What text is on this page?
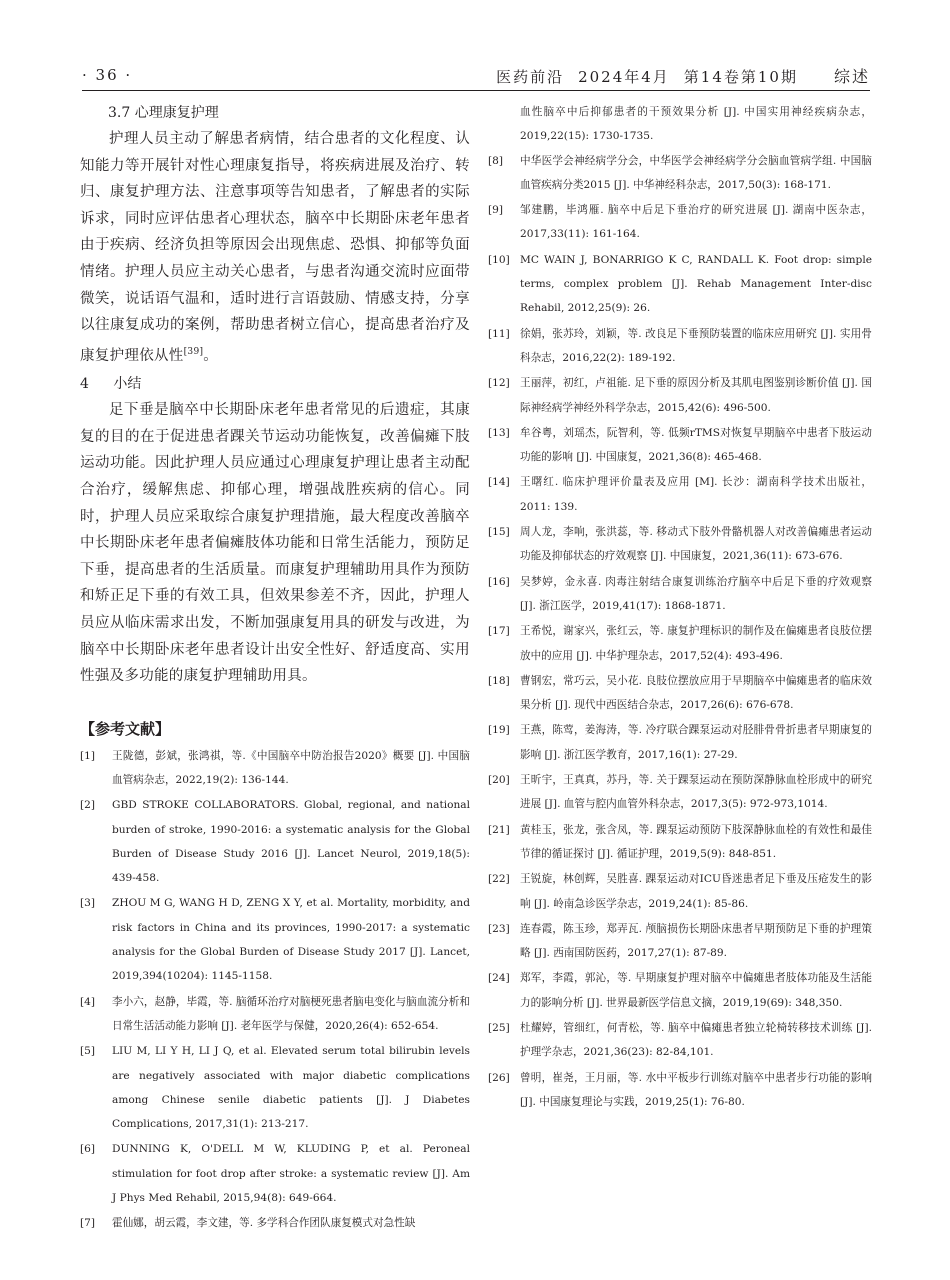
· 36 ·	医药前沿 2024年4月 第14卷第10期 综述
3.7 心理康复护理

护理人员主动了解患者病情，结合患者的文化程度、认知能力等开展针对性心理康复指导，将疾病进展及治疗、转归、康复护理方法、注意事项等告知患者，了解患者的实际诉求，同时应评估患者心理状态，脑卒中长期卧床老年患者由于疾病、经济负担等原因会出现焦虑、恐惧、抑郁等负面情绪。护理人员应主动关心患者，与患者沟通交流时应面带微笑，说话语气温和，适时进行言语鼓励、情感支持，分享以往康复成功的案例，帮助患者树立信心，提高患者治疗及康复护理依从性[39]。

4 小结

足下垂是脑卒中长期卧床老年患者常见的后遗症，其康复的目的在于促进患者踝关节运动功能恢复，改善偏瘫下肢运动功能。因此护理人员应通过心理康复护理让患者主动配合治疗，缓解焦虑、抑郁心理，增强战胜疾病的信心。同时，护理人员应采取综合康复护理措施，最大程度改善脑卒中长期卧床老年患者偏瘫肢体功能和日常生活能力，预防足下垂，提高患者的生活质量。而康复护理辅助用具作为预防和矫正足下垂的有效工具，但效果参差不齐，因此，护理人员应从临床需求出发，不断加强康复用具的研发与改进，为脑卒中长期卧床老年患者设计出安全性好、舒适度高、实用性强及多功能的康复护理辅助用具。

【参考文献】
[1]	王陇德，彭斌，张鸿祺，等.《中国脑卒中防治报告2020》概要 [J]. 中国脑血管病杂志，2022,19(2): 136-144.
[2]	GBD STROKE COLLABORATORS. Global, regional, and national burden of stroke, 1990-2016: a systematic analysis for the Global Burden of Disease Study 2016 [J]. Lancet Neurol, 2019,18(5): 439-458.
[3]	ZHOU M G, WANG H D, ZENG X Y, et al. Mortality, morbidity, and risk factors in China and its provinces, 1990-2017: a systematic analysis for the Global Burden of Disease Study 2017 [J]. Lancet, 2019,394(10204): 1145-1158.
[4]	李小六，赵静，毕霞，等. 脑循环治疗对脑梗死患者脑电变化与脑血流分析和日常生活活动能力影响 [J]. 老年医学与保健，2020,26(4): 652-654.
[5]	LIU M, LI Y H, LI J Q, et al. Elevated serum total bilirubin levels are negatively associated with major diabetic complications among Chinese senile diabetic patients [J]. J Diabetes Complications, 2017,31(1): 213-217.
[6]	DUNNING K, O'DELL M W, KLUDING P, et al. Peroneal stimulation for foot drop after stroke: a systematic review [J]. Am J Phys Med Rehabil, 2015,94(8): 649-664.
[7]	霍仙娜，胡云霞，李文建，等. 多学科合作团队康复模式对急性缺
血性脑卒中后抑郁患者的干预效果分析 [J]. 中国实用神经疾病杂志，2019,22(15): 1730-1735.
[8]	中华医学会神经病学分会，中华医学会神经病学分会脑血管病学组. 中国脑血管疾病分类2015 [J]. 中华神经科杂志，2017,50(3): 168-171.
[9]	邹建鹏，毕鸿雁. 脑卒中后足下垂治疗的研究进展 [J]. 湖南中医杂志，2017,33(11): 161-164.
[10] MC WAIN J, BONARRIGO K C, RANDALL K. Foot drop: simple terms, complex problem [J]. Rehab Management Inter-disc Rehabil, 2012,25(9): 26.
[11] 徐娟，张苏玲，刘颖，等. 改良足下垂预防装置的临床应用研究 [J]. 实用骨科杂志，2016,22(2): 189-192.
[12] 王丽萍，初红，卢祖能. 足下垂的原因分析及其肌电图鉴别诊断价值 [J]. 国际神经病学神经外科学杂志，2015,42(6): 496-500.
[13] 牟谷粤，刘瑶杰，阮智利，等. 低频rTMS对恢复早期脑卒中患者下肢运动功能的影响 [J]. 中国康复，2021,36(8): 465-468.
[14] 王曙红. 临床护理评价量表及应用 [M]. 长沙：湖南科学技术出版社，2011: 139.
[15] 周人龙，李响，张洪蕊，等. 移动式下肢外骨骼机器人对改善偏瘫患者运动功能及抑郁状态的疗效观察 [J]. 中国康复，2021,36(11): 673-676.
[16] 吴梦婷，金永喜. 肉毒注射结合康复训练治疗脑卒中后足下垂的疗效观察 [J]. 浙江医学，2019,41(17): 1868-1871.
[17] 王希悦，谢家兴，张红云，等. 康复护理标识的制作及在偏瘫患者良肢位摆放中的应用 [J]. 中华护理杂志，2017,52(4): 493-496.
[18] 曹钢宏，常巧云，吴小花. 良肢位摆放应用于早期脑卒中偏瘫患者的临床效果分析 [J]. 现代中西医结合杂志，2017,26(6): 676-678.
[19] 王燕，陈莺，姜海涛，等. 冷疗联合踝泵运动对胫腓骨骨折患者早期康复的影响 [J]. 浙江医学教育，2017,16(1): 27-29.
[20] 王昕宇，王真真，苏丹，等. 关于踝泵运动在预防深静脉血栓形成中的研究进展 [J]. 血管与腔内血管外科杂志，2017,3(5): 972-973,1014.
[21] 黄桂玉，张龙，张含凤，等. 踝泵运动预防下肢深静脉血栓的有效性和最佳节律的循证探讨 [J]. 循证护理，2019,5(9): 848-851.
[22] 王锐旋，林创辉，吴胜喜. 踝泵运动对ICU昏迷患者足下垂及压疮发生的影响 [J]. 岭南急诊医学杂志，2019,24(1): 85-86.
[23] 连春霞，陈玉珍，郑弄瓦. 颅脑损伤长期卧床患者早期预防足下垂的护理策略 [J]. 西南国防医药，2017,27(1): 87-89.
[24] 郑军，李霞，郭沁，等. 早期康复护理对脑卒中偏瘫患者肢体功能及生活能力的影响分析 [J]. 世界最新医学信息文摘，2019,19(69): 348,350.
[25] 杜耀婷，管细红，何青松，等. 脑卒中偏瘫患者独立轮椅转移技术训练 [J]. 护理学杂志，2021,36(23): 82-84,101.
[26] 曾明，崔尧，王月丽，等. 水中平板步行训练对脑卒中患者步行功能的影响 [J]. 中国康复理论与实践，2019,25(1): 76-80.
